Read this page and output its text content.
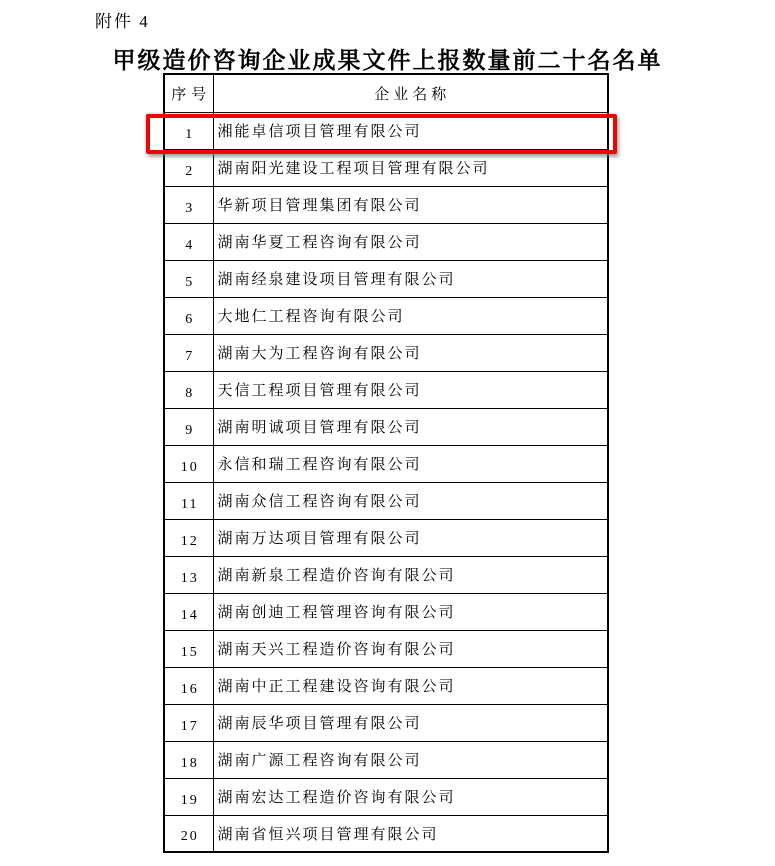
附件 4
甲级造价咨询企业成果文件上报数量前二十名名单
序号	企业名称
1	湘能卓信项目管理有限公司
2	湖南阳光建设工程项目管理有限公司
3	华新项目管理集团有限公司
4	湖南华夏工程咨询有限公司
5	湖南经泉建设项目管理有限公司
6	大地仁工程咨询有限公司
7	湖南大为工程咨询有限公司
8	天信工程项目管理有限公司
9	湖南明诚项目管理有限公司
10	永信和瑞工程咨询有限公司
11	湖南众信工程咨询有限公司
12	湖南万达项目管理有限公司
13	湖南新泉工程造价咨询有限公司
14	湖南创迪工程管理咨询有限公司
15	湖南天兴工程造价咨询有限公司
16	湖南中正工程建设咨询有限公司
17	湖南辰华项目管理有限公司
18	湖南广源工程咨询有限公司
19	湖南宏达工程造价咨询有限公司
20	湖南省恒兴项目管理有限公司
